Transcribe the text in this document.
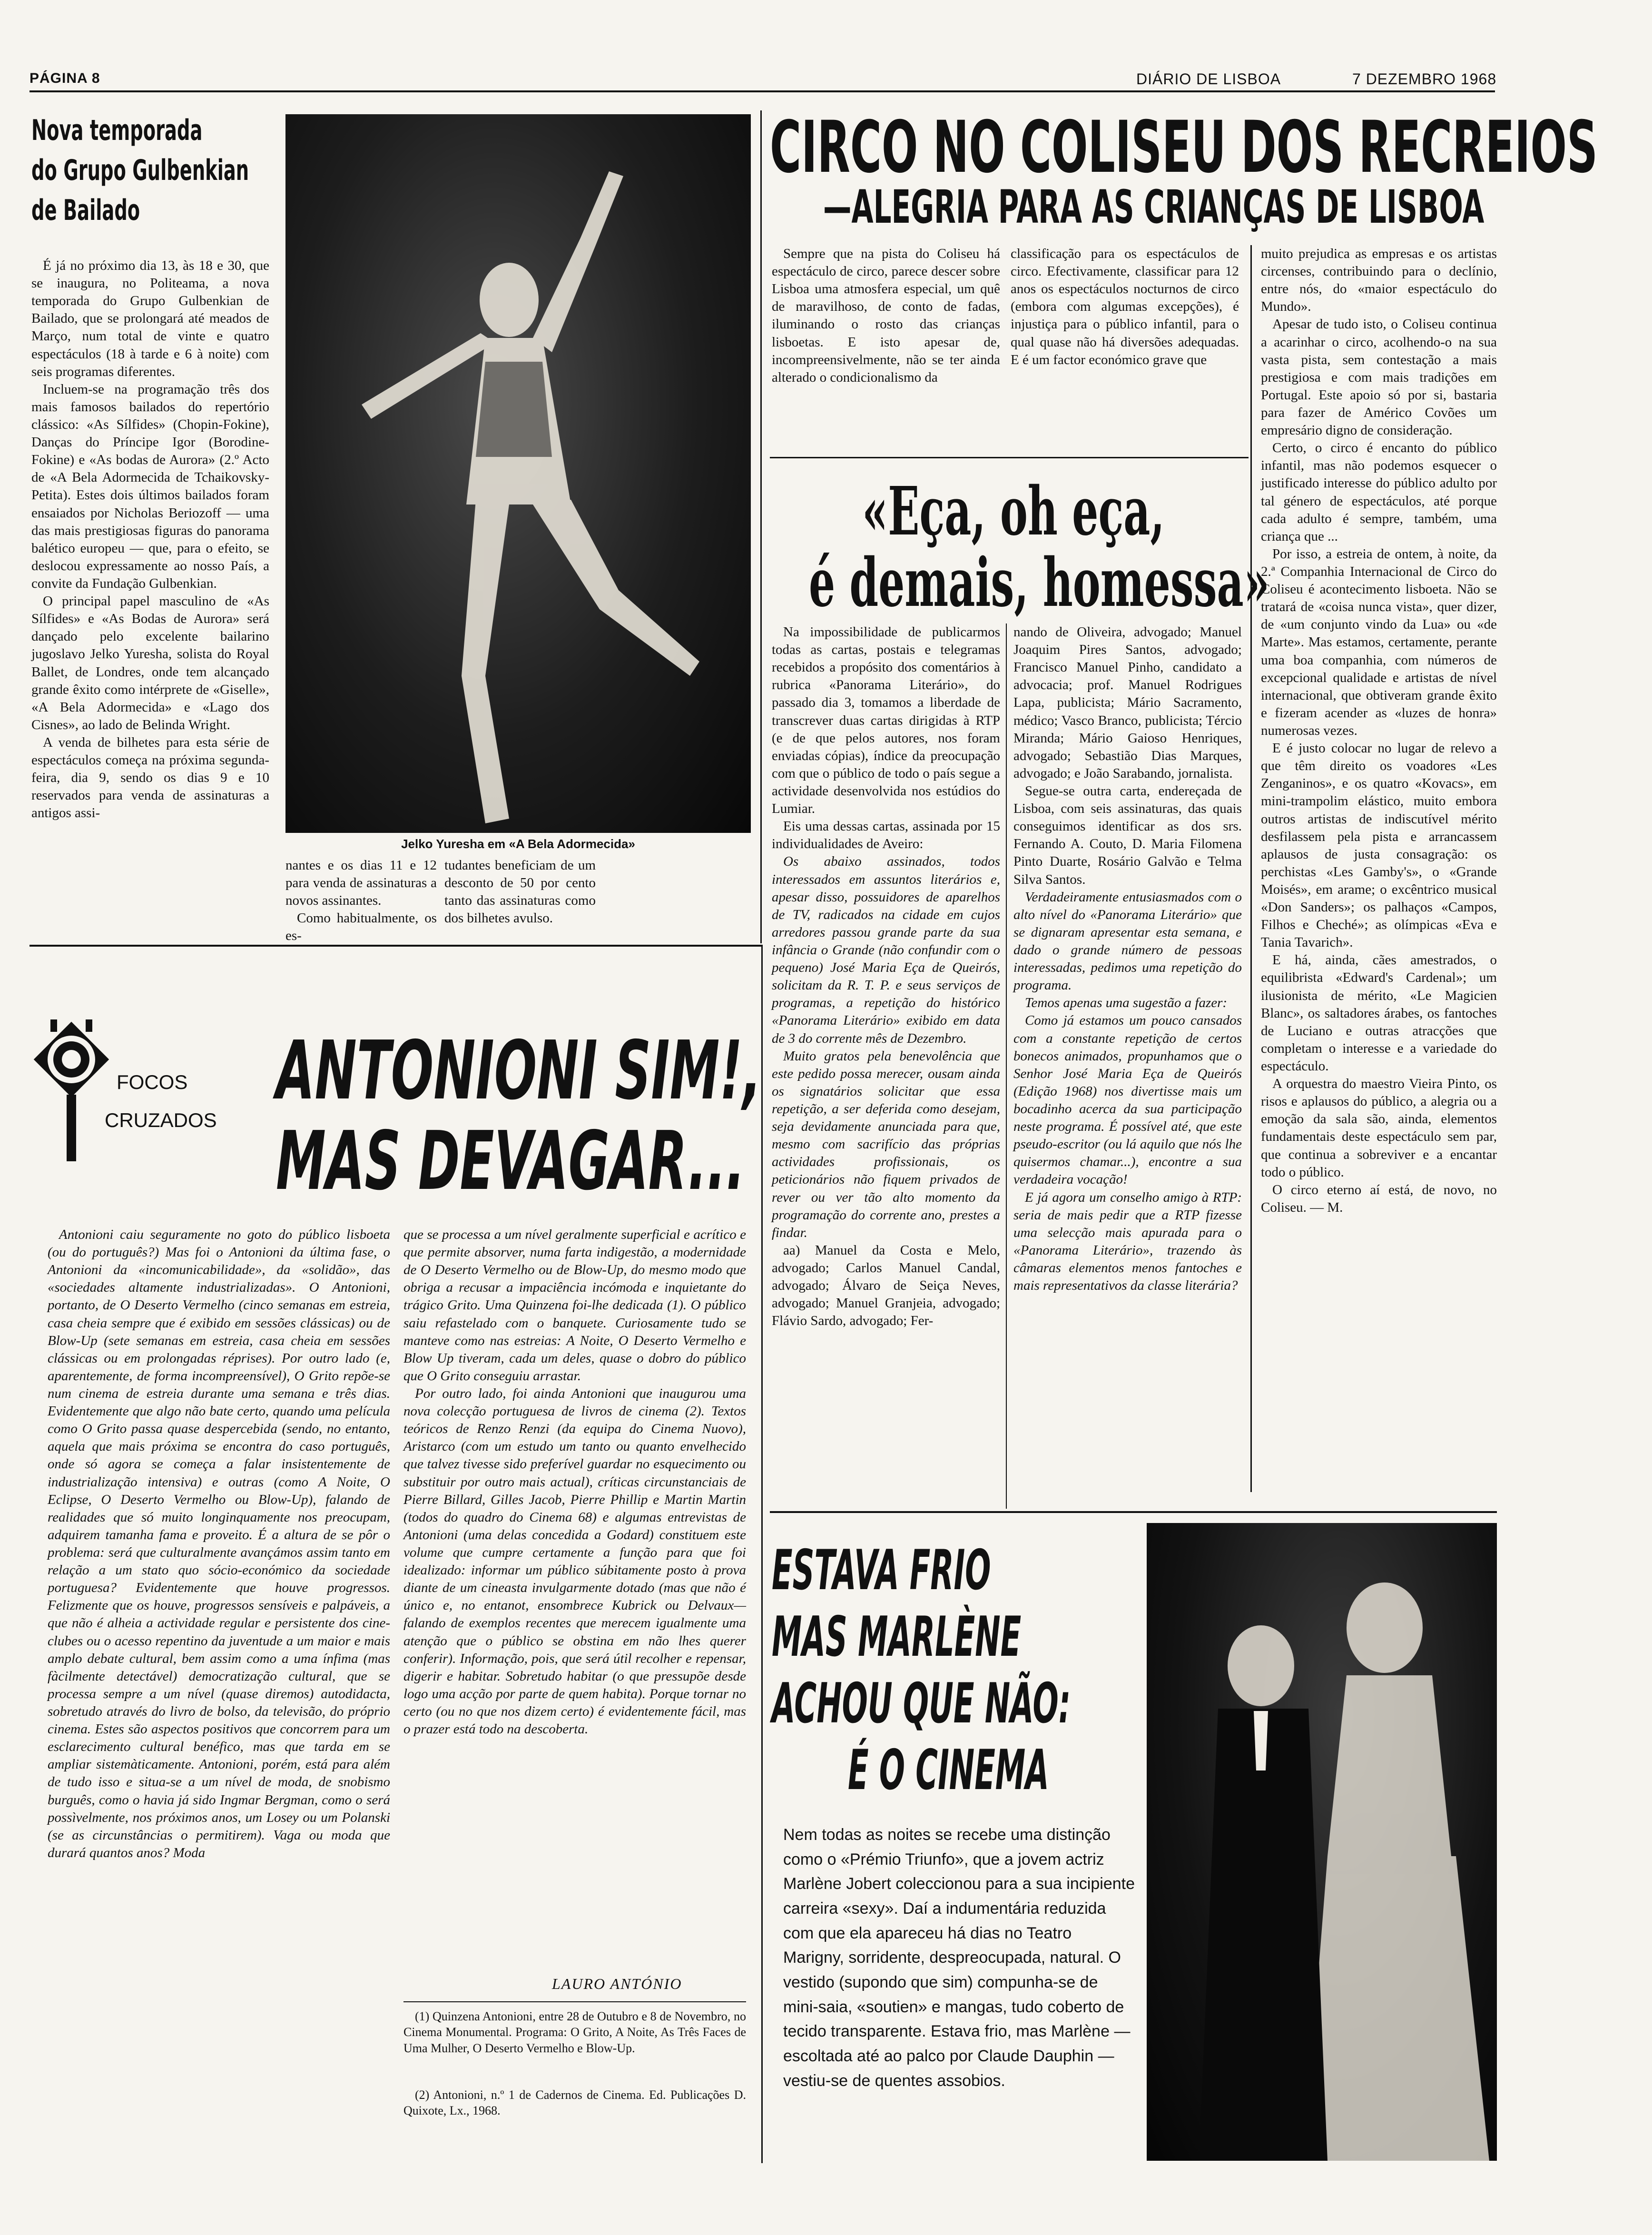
PÁGINA 8	DIÁRIO DE LISBOA	7 DEZEMBRO 1968
Nova temporada
do Grupo Gulbenkian
de Bailado

É já no próximo dia 13, às 18 e 30, que se inaugura, no Politeama, a nova temporada do Grupo Gulbenkian de Bailado, que se prolongará até meados de Março, num total de vinte e quatro espectáculos (18 à tarde e 6 à noite) com seis programas diferentes.

Incluem-se na programação três dos mais famosos bailados do repertório clássico: «As Sílfides» (Chopin-Fokine), Danças do Príncipe Igor (Borodine-Fokine) e «As bodas de Aurora» (2.º Acto de «A Bela Adormecida de Tchaikovsky-Petita). Estes dois últimos bailados foram ensaiados por Nicholas Beriozoff — uma das mais prestigiosas figuras do panorama balético europeu — que, para o efeito, se deslocou expressamente ao nosso País, a convite da Fundação Gulbenkian.

O principal papel masculino de «As Sílfides» e «As Bodas de Aurora» será dançado pelo excelente bailarino jugoslavo Jelko Yuresha, solista do Royal Ballet, de Londres, onde tem alcançado grande êxito como intérprete de «Giselle», «A Bela Adormecida» e «Lago dos Cisnes», ao lado de Belinda Wright.

A venda de bilhetes para esta série de espectáculos começa na próxima segunda-feira, dia 9, sendo os dias 9 e 10 reservados para venda de assinaturas a antigos assi-

Jelko Yuresha em «A Bela Adormecida»

nantes e os dias 11 e 12 para venda de assinaturas a novos assinantes.

Como habitualmente, os es-

tudantes beneficiam de um desconto de 50 por cento tanto das assinaturas como dos bilhetes avulso.

CIRCO NO COLISEU DOS RECREIOS
—ALEGRIA PARA AS CRIANÇAS DE LISBOA

Sempre que na pista do Coliseu há espectáculo de circo, parece descer sobre Lisboa uma atmosfera especial, um quê de maravilhoso, de conto de fadas, iluminando o rosto das crianças lisboetas. E isto apesar de, incompreensivelmente, não se ter ainda alterado o condicionalismo da

classificação para os espectáculos de circo. Efectivamente, classificar para 12 anos os espectáculos nocturnos de circo (embora com algumas excepções), é injustiça para o público infantil, para o qual quase não há diversões adequadas. E é um factor económico grave que

muito prejudica as empresas e os artistas circenses, contribuindo para o declínio, entre nós, do «maior espectáculo do Mundo».

Apesar de tudo isto, o Coliseu continua a acarinhar o circo, acolhendo-o na sua vasta pista, sem contestação a mais prestigiosa e com mais tradições em Portugal. Este apoio só por si, bastaria para fazer de Américo Covões um empresário digno de consideração.

Certo, o circo é encanto do público infantil, mas não podemos esquecer o justificado interesse do público adulto por tal género de espectáculos, até porque cada adulto é sempre, também, uma criança que ...

Por isso, a estreia de ontem, à noite, da 2.ª Companhia Internacional de Circo do Coliseu é acontecimento lisboeta. Não se tratará de «coisa nunca vista», quer dizer, de «um conjunto vindo da Lua» ou «de Marte». Mas estamos, certamente, perante uma boa companhia, com números de excepcional qualidade e artistas de nível internacional, que obtiveram grande êxito e fizeram acender as «luzes de honra» numerosas vezes.

E é justo colocar no lugar de relevo a que têm direito os voadores «Les Zenganinos», e os quatro «Kovacs», em mini-trampolim elástico, muito embora outros artistas de indiscutível mérito desfilassem pela pista e arrancassem aplausos de justa consagração: os perchistas «Les Gamby's», o «Grande Moisés», em arame; o excêntrico musical «Don Sanders»; os palhaços «Campos, Filhos e Cheché»; as olímpicas «Eva e Tania Tavarich».

E há, ainda, cães amestrados, o equilibrista «Edward's Cardenal»; um ilusionista de mérito, «Le Magicien Blanc», os saltadores árabes, os fantoches de Luciano e outras atracções que completam o interesse e a variedade do espectáculo.

A orquestra do maestro Vieira Pinto, os risos e aplausos do público, a alegria ou a emoção da sala são, ainda, elementos fundamentais deste espectáculo sem par, que continua a sobreviver e a encantar todo o público.

O circo eterno aí está, de novo, no Coliseu. — M.

«Eça, oh eça,
é demais, homessa»

Na impossibilidade de publicarmos todas as cartas, postais e telegramas recebidos a propósito dos comentários à rubrica «Panorama Literário», do passado dia 3, tomamos a liberdade de transcrever duas cartas dirigidas à RTP (e de que pelos autores, nos foram enviadas cópias), índice da preocupação com que o público de todo o país segue a actividade desenvolvida nos estúdios do Lumiar.

Eis uma dessas cartas, assinada por 15 individualidades de Aveiro:

Os abaixo assinados, todos interessados em assuntos literários e, apesar disso, possuidores de aparelhos de TV, radicados na cidade em cujos arredores passou grande parte da sua infância o Grande (não confundir com o pequeno) José Maria Eça de Queirós, solicitam da R. T. P. e seus serviços de programas, a repetição do histórico «Panorama Literário» exibido em data de 3 do corrente mês de Dezembro.

Muito gratos pela benevolência que este pedido possa merecer, ousam ainda os signatários solicitar que essa repetição, a ser deferida como desejam, seja devidamente anunciada para que, mesmo com sacrifício das próprias actividades profissionais, os peticionários não fiquem privados de rever ou ver tão alto momento da programação do corrente ano, prestes a findar.

aa) Manuel da Costa e Melo, advogado; Carlos Manuel Candal, advogado; Álvaro de Seiça Neves, advogado; Manuel Granjeia, advogado; Flávio Sardo, advogado; Fer-

nando de Oliveira, advogado; Manuel Joaquim Pires Santos, advogado; Francisco Manuel Pinho, candidato a advocacia; prof. Manuel Rodrigues Lapa, publicista; Mário Sacramento, médico; Vasco Branco, publicista; Tércio Miranda; Mário Gaioso Henriques, advogado; Sebastião Dias Marques, advogado; e João Sarabando, jornalista.

Segue-se outra carta, endereçada de Lisboa, com seis assinaturas, das quais conseguimos identificar as dos srs. Fernando A. Couto, D. Maria Filomena Pinto Duarte, Rosário Galvão e Telma Silva Santos.

Verdadeiramente entusiasmados com o alto nível do «Panorama Literário» que se dignaram apresentar esta semana, e dado o grande número de pessoas interessadas, pedimos uma repetição do programa.

Temos apenas uma sugestão a fazer:

Como já estamos um pouco cansados com a constante repetição de certos bonecos animados, propunhamos que o Senhor José Maria Eça de Queirós (Edição 1968) nos divertisse mais um bocadinho acerca da sua participação neste programa. É possível até, que este pseudo-escritor (ou lá aquilo que nós lhe quisermos chamar...), encontre a sua verdadeira vocação!

E já agora um conselho amigo à RTP: seria de mais pedir que a RTP fizesse uma selecção mais apurada para o «Panorama Literário», trazendo às câmaras elementos menos fantoches e mais representativos da classe literária?

FOCOS
CRUZADOS
ANTONIONI SIM!,
MAS DEVAGAR...

Antonioni caiu seguramente no goto do público lisboeta (ou do português?) Mas foi o Antonioni da última fase, o Antonioni da «incomunicabilidade», da «solidão», das «sociedades altamente industrializadas». O Antonioni, portanto, de O Deserto Vermelho (cinco semanas em estreia, casa cheia sempre que é exibido em sessões clássicas) ou de Blow-Up (sete semanas em estreia, casa cheia em sessões clássicas ou em prolongadas réprises). Por outro lado (e, aparentemente, de forma incompreensível), O Grito repõe-se num cinema de estreia durante uma semana e três dias. Evidentemente que algo não bate certo, quando uma película como O Grito passa quase despercebida (sendo, no entanto, aquela que mais próxima se encontra do caso português, onde só agora se começa a falar insistentemente de industrialização intensiva) e outras (como A Noite, O Eclipse, O Deserto Vermelho ou Blow-Up), falando de realidades que só muito longinquamente nos preocupam, adquirem tamanha fama e proveito. É a altura de se pôr o problema: será que culturalmente avançámos assim tanto em relação a um stato quo sócio-económico da sociedade portuguesa? Evidentemente que houve progressos. Felizmente que os houve, progressos sensíveis e palpáveis, a que não é alheia a actividade regular e persistente dos cine-clubes ou o acesso repentino da juventude a um maior e mais amplo debate cultural, bem assim como a uma ínfima (mas fàcilmente detectável) democratização cultural, que se processa sempre a um nível (quase diremos) autodidacta, sobretudo através do livro de bolso, da televisão, do próprio cinema. Estes são aspectos positivos que concorrem para um esclarecimento cultural benéfico, mas que tarda em se ampliar sistemàticamente. Antonioni, porém, está para além de tudo isso e situa-se a um nível de moda, de snobismo burguês, como o havia já sido Ingmar Bergman, como o será possìvelmente, nos próximos anos, um Losey ou um Polanski (se as circunstâncias o permitirem). Vaga ou moda que durará quantos anos? Moda

que se processa a um nível geralmente superficial e acrítico e que permite absorver, numa farta indigestão, a modernidade de O Deserto Vermelho ou de Blow-Up, do mesmo modo que obriga a recusar a impaciência incómoda e inquietante do trágico Grito. Uma Quinzena foi-lhe dedicada (1). O público saiu refastelado com o banquete. Curiosamente tudo se manteve como nas estreias: A Noite, O Deserto Vermelho e Blow Up tiveram, cada um deles, quase o dobro do público que O Grito conseguiu arrastar.

Por outro lado, foi ainda Antonioni que inaugurou uma nova colecção portuguesa de livros de cinema (2). Textos teóricos de Renzo Renzi (da equipa do Cinema Nuovo), Aristarco (com um estudo um tanto ou quanto envelhecido que talvez tivesse sido preferível guardar no esquecimento ou substituir por outro mais actual), críticas circunstanciais de Pierre Billard, Gilles Jacob, Pierre Phillip e Martin Martin (todos do quadro do Cinema 68) e algumas entrevistas de Antonioni (uma delas concedida a Godard) constituem este volume que cumpre certamente a função para que foi idealizado: informar um público súbitamente posto à prova diante de um cineasta invulgarmente dotado (mas que não é único e, no entanot, ensombrece Kubrick ou Delvaux—falando de exemplos recentes que merecem igualmente uma atenção que o público se obstina em não lhes querer conferir). Informação, pois, que será útil recolher e repensar, digerir e habitar. Sobretudo habitar (o que pressupõe desde logo uma acção por parte de quem habita). Porque tornar no certo (ou no que nos dizem certo) é evidentemente fácil, mas o prazer está todo na descoberta.

LAURO ANTÓNIO

(1) Quinzena Antonioni, entre 28 de Outubro e 8 de Novembro, no Cinema Monumental. Programa: O Grito, A Noite, As Três Faces de Uma Mulher, O Deserto Vermelho e Blow-Up.

(2) Antonioni, n.º 1 de Cadernos de Cinema. Ed. Publicações D. Quixote, Lx., 1968.

ESTAVA FRIO
MAS MARLÈNE
ACHOU QUE NÃO:
É O CINEMA
Nem todas as noites se recebe uma distinção como o «Prémio Triunfo», que a jovem actriz Marlène Jobert coleccionou para a sua incipiente carreira «sexy». Daí a indumentária reduzida com que ela apareceu há dias no Teatro Marigny, sorridente, despreocupada, natural. O vestido (supondo que sim) compunha-se de mini-saia, «soutien» e mangas, tudo coberto de tecido transparente. Estava frio, mas Marlène — escoltada até ao palco por Claude Dauphin — vestiu-se de quentes assobios.
